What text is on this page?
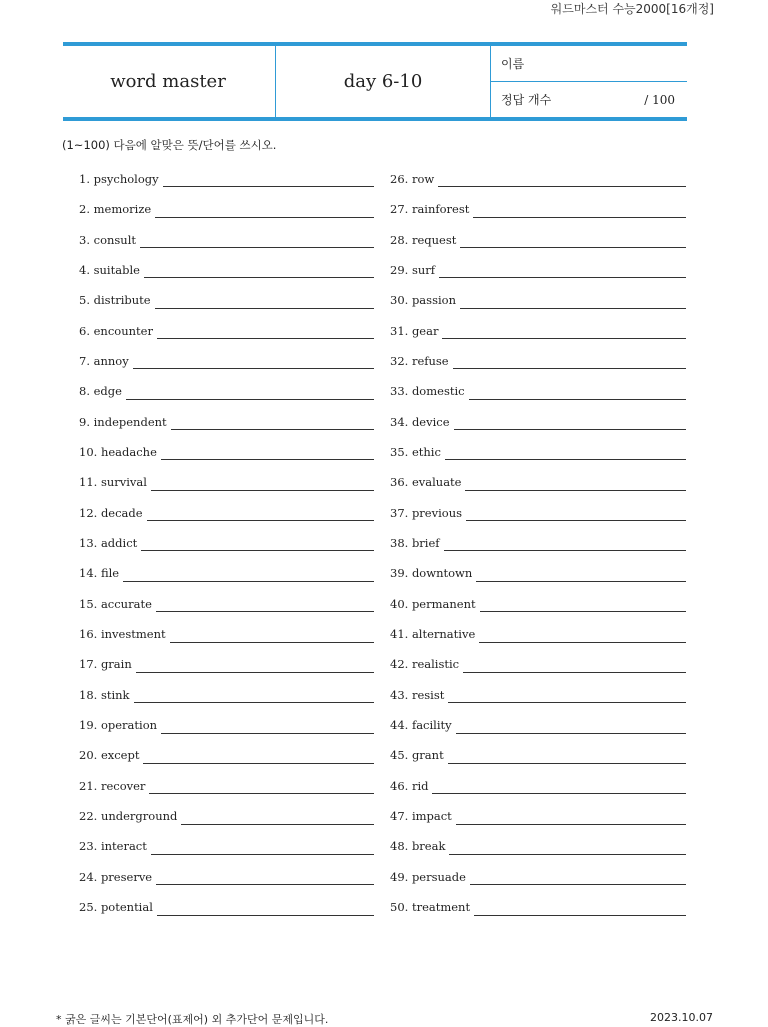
워드마스터 수능2000[16개정]
word master	day 6-10
이름
정답 개수	/ 100
(1~100) 다음에 알맞은 뜻/단어를 쓰시오.
1. psychology
2. memorize
3. consult
4. suitable
5. distribute
6. encounter
7. annoy
8. edge
9. independent
10. headache
11. survival
12. decade
13. addict
14. file
15. accurate
16. investment
17. grain
18. stink
19. operation
20. except
21. recover
22. underground
23. interact
24. preserve
25. potential
26. row
27. rainforest
28. request
29. surf
30. passion
31. gear
32. refuse
33. domestic
34. device
35. ethic
36. evaluate
37. previous
38. brief
39. downtown
40. permanent
41. alternative
42. realistic
43. resist
44. facility
45. grant
46. rid
47. impact
48. break
49. persuade
50. treatment
* 굵은 글씨는 기본단어(표제어) 외 추가단어 문제입니다.	2023.10.07
